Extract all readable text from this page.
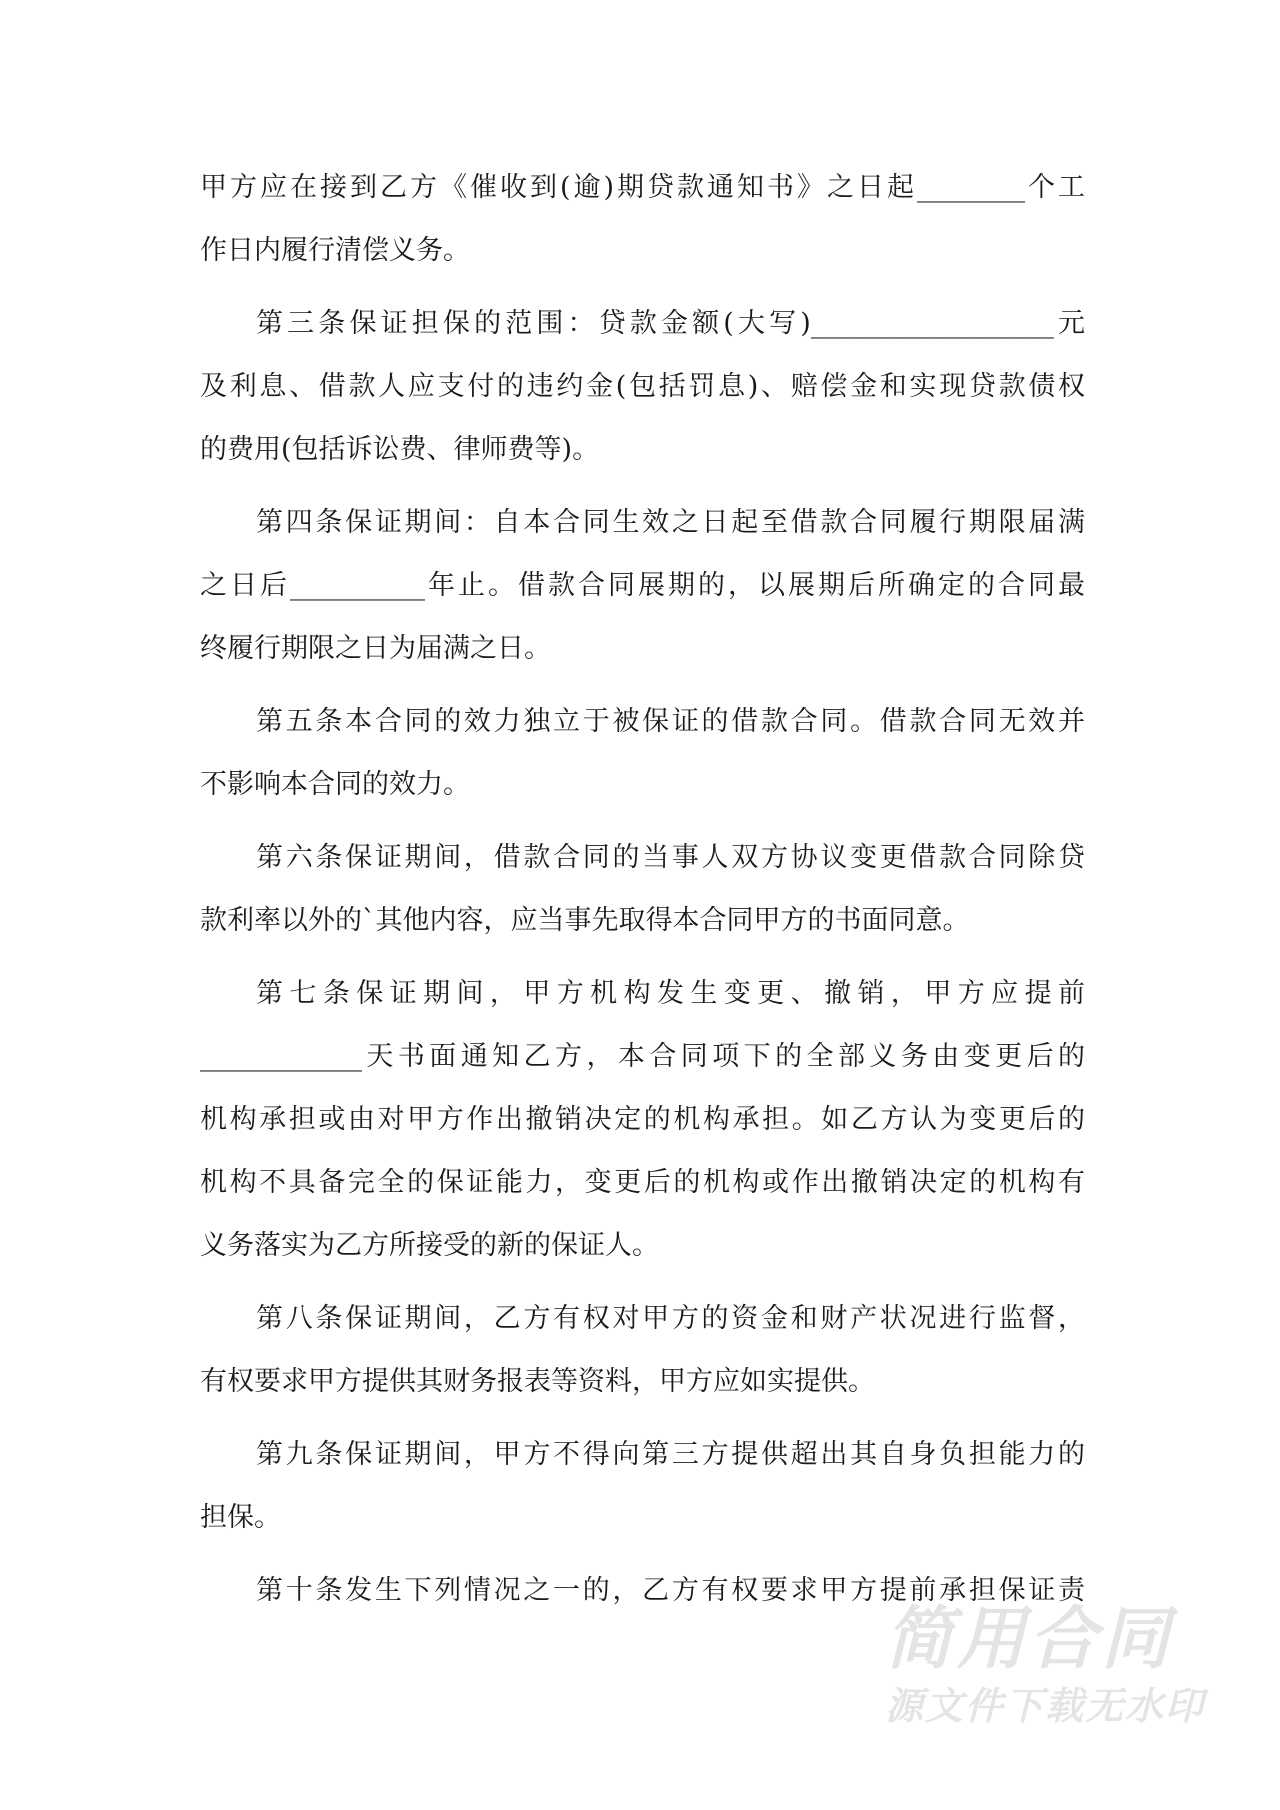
甲方应在接到乙方《催收到(逾)期贷款通知书》之日起________个工
作日内履行清偿义务。
第三条保证担保的范围：贷款金额(大写)__________________元
及利息、借款人应支付的违约金(包括罚息)、赔偿金和实现贷款债权
的费用(包括诉讼费、律师费等)。
第四条保证期间：自本合同生效之日起至借款合同履行期限届满
之日后__________年止。借款合同展期的，以展期后所确定的合同最
终履行期限之日为届满之日。
第五条本合同的效力独立于被保证的借款合同。借款合同无效并
不影响本合同的效力。
第六条保证期间，借款合同的当事人双方协议变更借款合同除贷
款利率以外的`其他内容，应当事先取得本合同甲方的书面同意。
第七条保证期间，甲方机构发生变更、撤销，甲方应提前
____________天书面通知乙方，本合同项下的全部义务由变更后的
机构承担或由对甲方作出撤销决定的机构承担。如乙方认为变更后的
机构不具备完全的保证能力，变更后的机构或作出撤销决定的机构有
义务落实为乙方所接受的新的保证人。
第八条保证期间，乙方有权对甲方的资金和财产状况进行监督，
有权要求甲方提供其财务报表等资料，甲方应如实提供。
第九条保证期间，甲方不得向第三方提供超出其自身负担能力的
担保。
第十条发生下列情况之一的，乙方有权要求甲方提前承担保证责
简用合同
源文件下载无水印
